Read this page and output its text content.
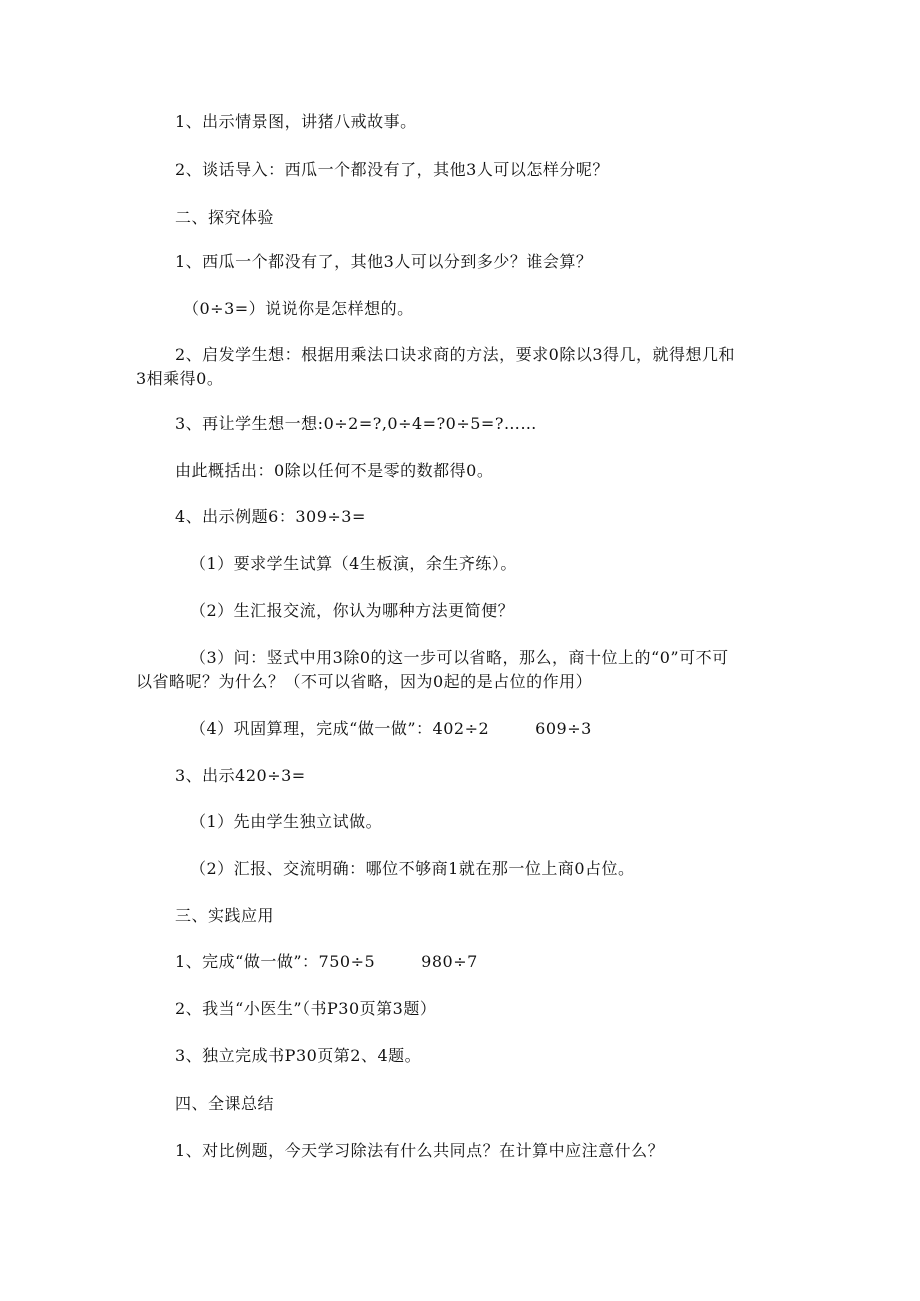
1、出示情景图，讲猪八戒故事。
2、谈话导入：西瓜一个都没有了，其他3人可以怎样分呢？
二、探究体验
1、西瓜一个都没有了，其他3人可以分到多少？谁会算？
（0÷3=）说说你是怎样想的。
2、启发学生想：根据用乘法口诀求商的方法，要求0除以3得几，就得想几和
3相乘得0。
3、再让学生想一想:0÷2=?,0÷4=?0÷5=?……
由此概括出：0除以任何不是零的数都得0。
4、出示例题6：309÷3=
（1）要求学生试算（4生板演，余生齐练）。
（2）生汇报交流，你认为哪种方法更简便？
（3）问：竖式中用3除0的这一步可以省略，那么，商十位上的“0”可不可
以省略呢？为什么？（不可以省略，因为0起的是占位的作用）
（4）巩固算理，完成“做一做”：402÷2	609÷3
3、出示420÷3=
（1）先由学生独立试做。
（2）汇报、交流明确：哪位不够商1就在那一位上商0占位。
三、实践应用
1、完成“做一做”：750÷5	980÷7
2、我当“小医生”（书P30页第3题）
3、独立完成书P30页第2、4题。
四、全课总结
1、对比例题，今天学习除法有什么共同点？在计算中应注意什么？
